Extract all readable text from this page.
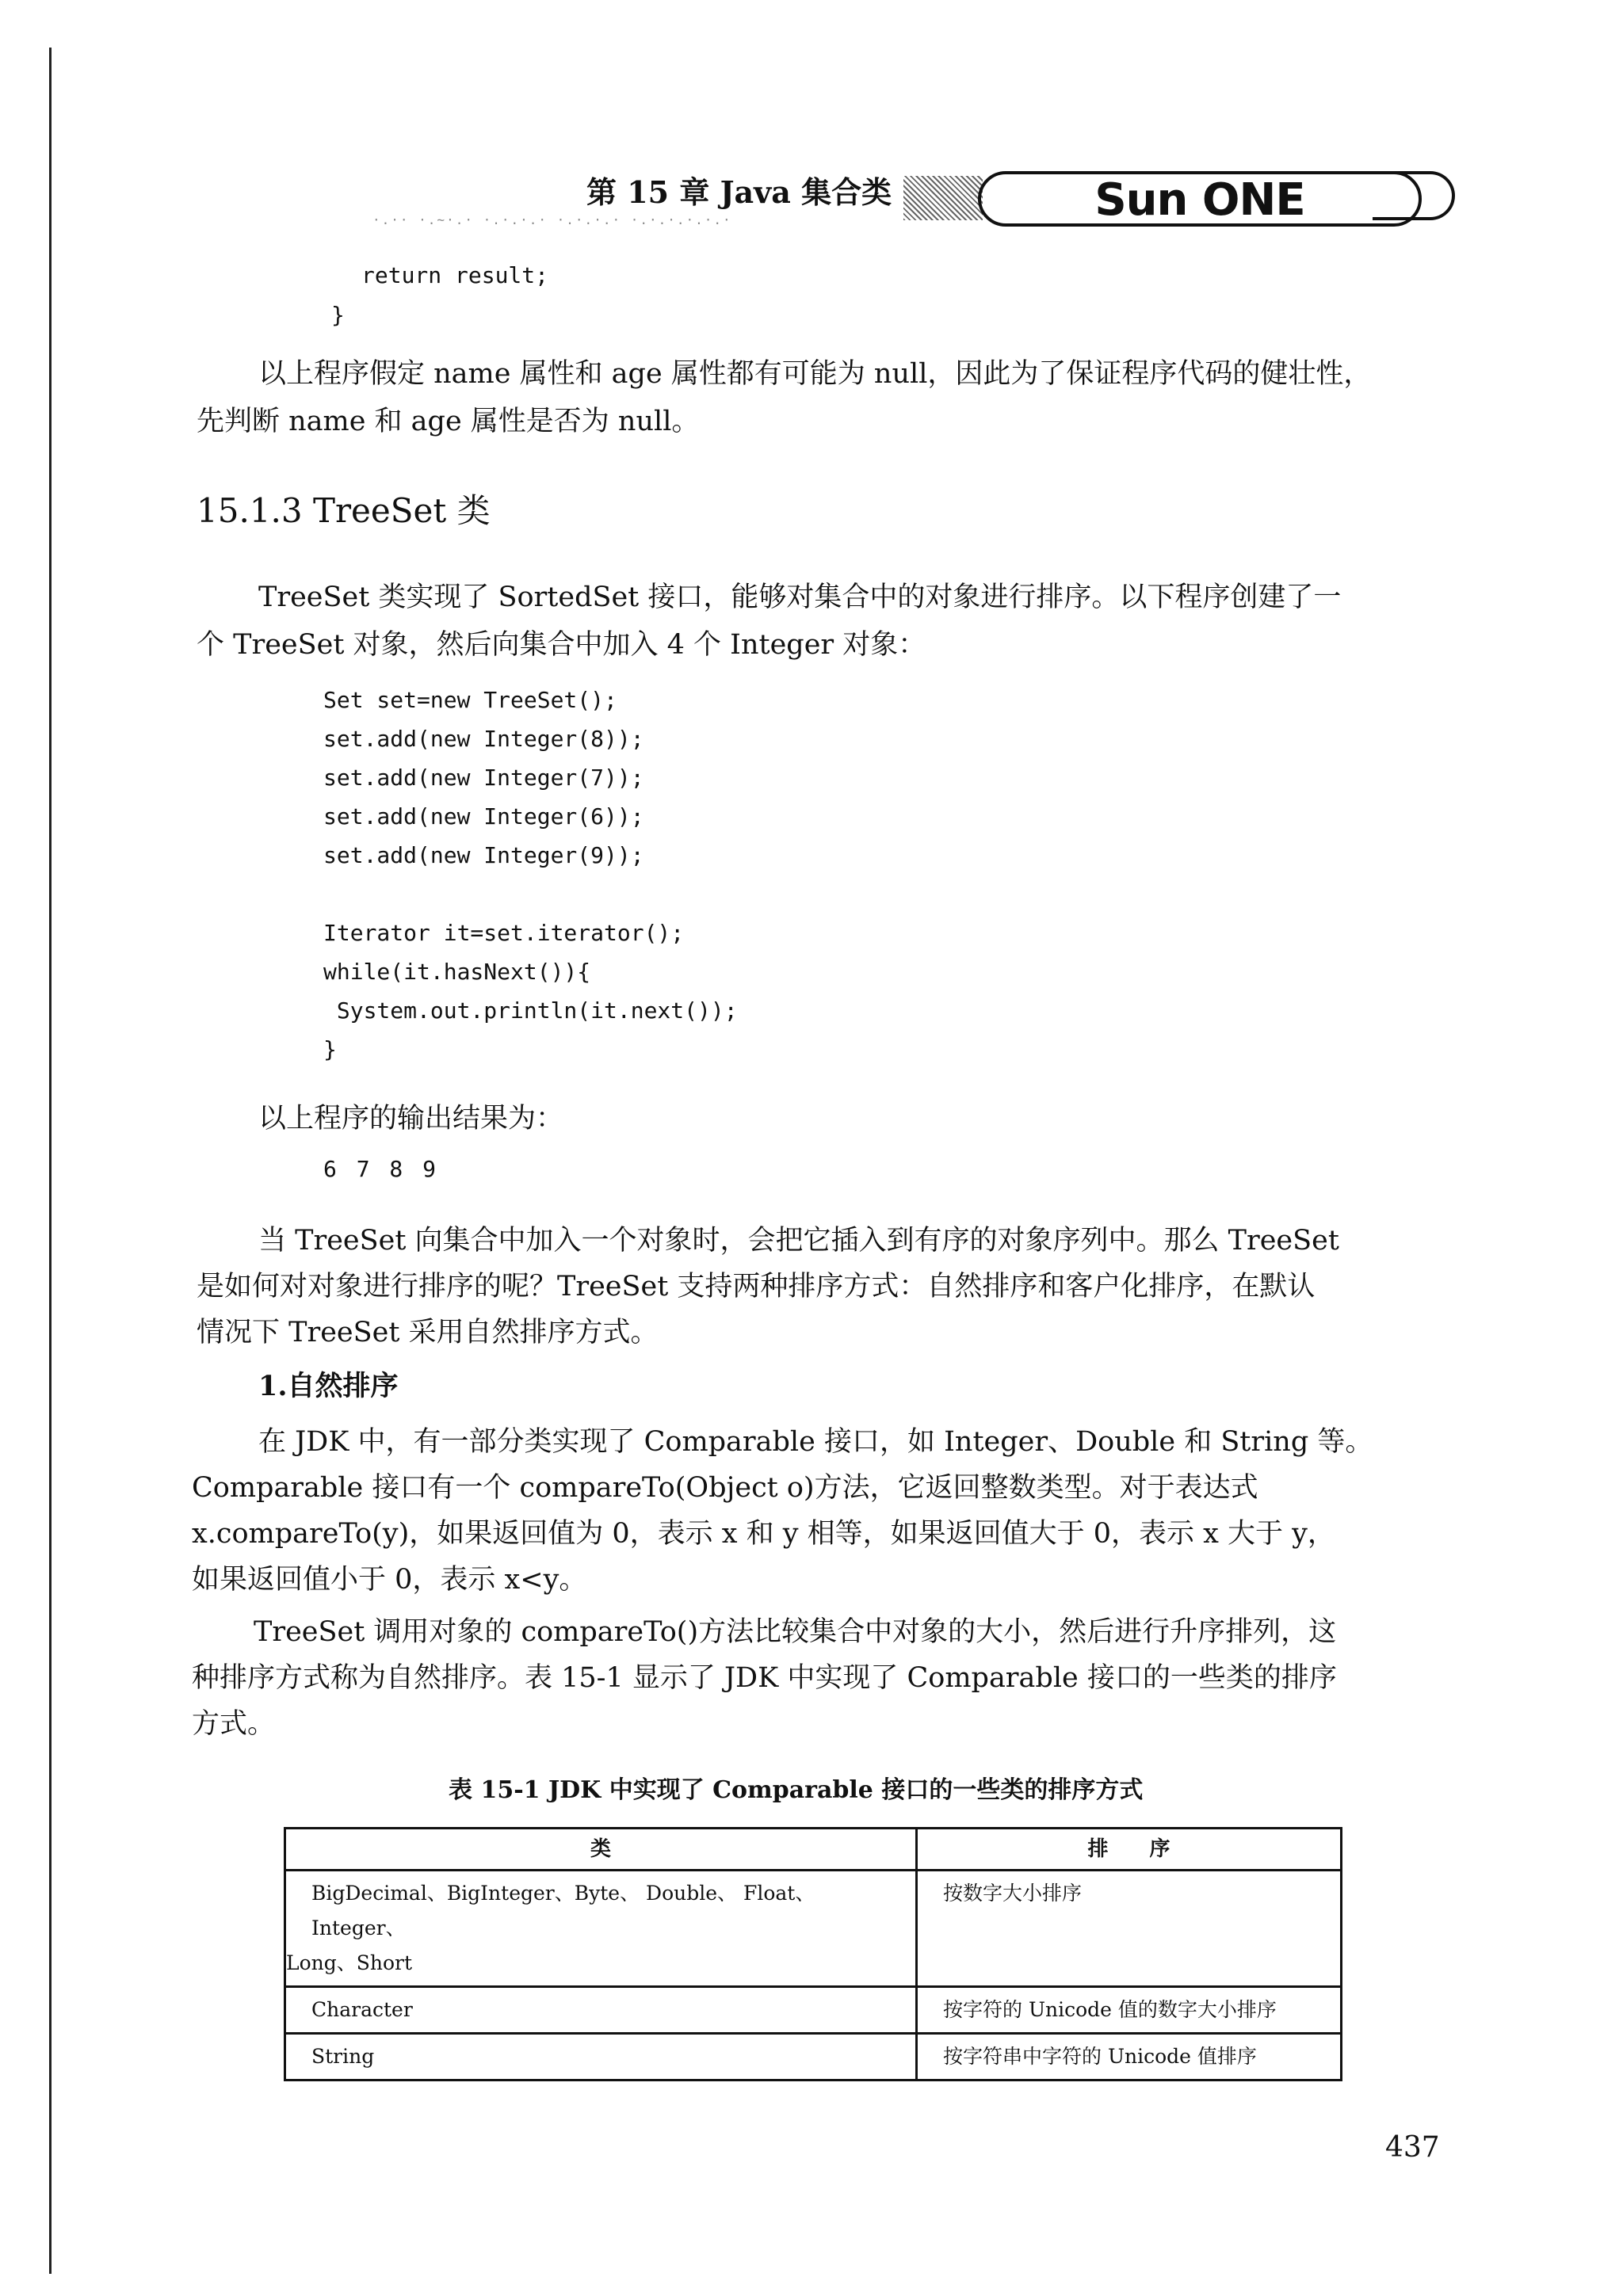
第 15 章 Java 集合类
·.·· ·.~·.· ·.·.·.· ·.·.·.· ·.·.·.·.·.·	Sun ONE
return result;
}
以上程序假定 name 属性和 age 属性都有可能为 null，因此为了保证程序代码的健壮性，
先判断 name 和 age 属性是否为 null。
15.1.3 TreeSet 类
TreeSet 类实现了 SortedSet 接口，能够对集合中的对象进行排序。以下程序创建了一
个 TreeSet 对象，然后向集合中加入 4 个 Integer 对象：
Set set=new TreeSet();
set.add(new Integer(8));
set.add(new Integer(7));
set.add(new Integer(6));
set.add(new Integer(9));
Iterator it=set.iterator();
while(it.hasNext()){
System.out.println(it.next());
}
以上程序的输出结果为：
6 7 8 9
当 TreeSet 向集合中加入一个对象时，会把它插入到有序的对象序列中。那么 TreeSet
是如何对对象进行排序的呢？TreeSet 支持两种排序方式：自然排序和客户化排序，在默认
情况下 TreeSet 采用自然排序方式。
1.自然排序
在 JDK 中，有一部分类实现了 Comparable 接口，如 Integer、Double 和 String 等。
Comparable 接口有一个 compareTo(Object o)方法，它返回整数类型。对于表达式
x.compareTo(y)，如果返回值为 0，表示 x 和 y 相等，如果返回值大于 0，表示 x 大于 y，
如果返回值小于 0，表示 x<y。
TreeSet 调用对象的 compareTo()方法比较集合中对象的大小，然后进行升序排列，这
种排序方式称为自然排序。表 15-1 显示了 JDK 中实现了 Comparable 接口的一些类的排序
方式。
表 15-1 JDK 中实现了 Comparable 接口的一些类的排序方式
类	排　　序

BigDecimal、BigInteger、Byte、 Double、 Float、Integer、
Long、Short	按数字大小排序

Character	按字符的 Unicode 值的数字大小排序

String	按字符串中字符的 Unicode 值排序
437
